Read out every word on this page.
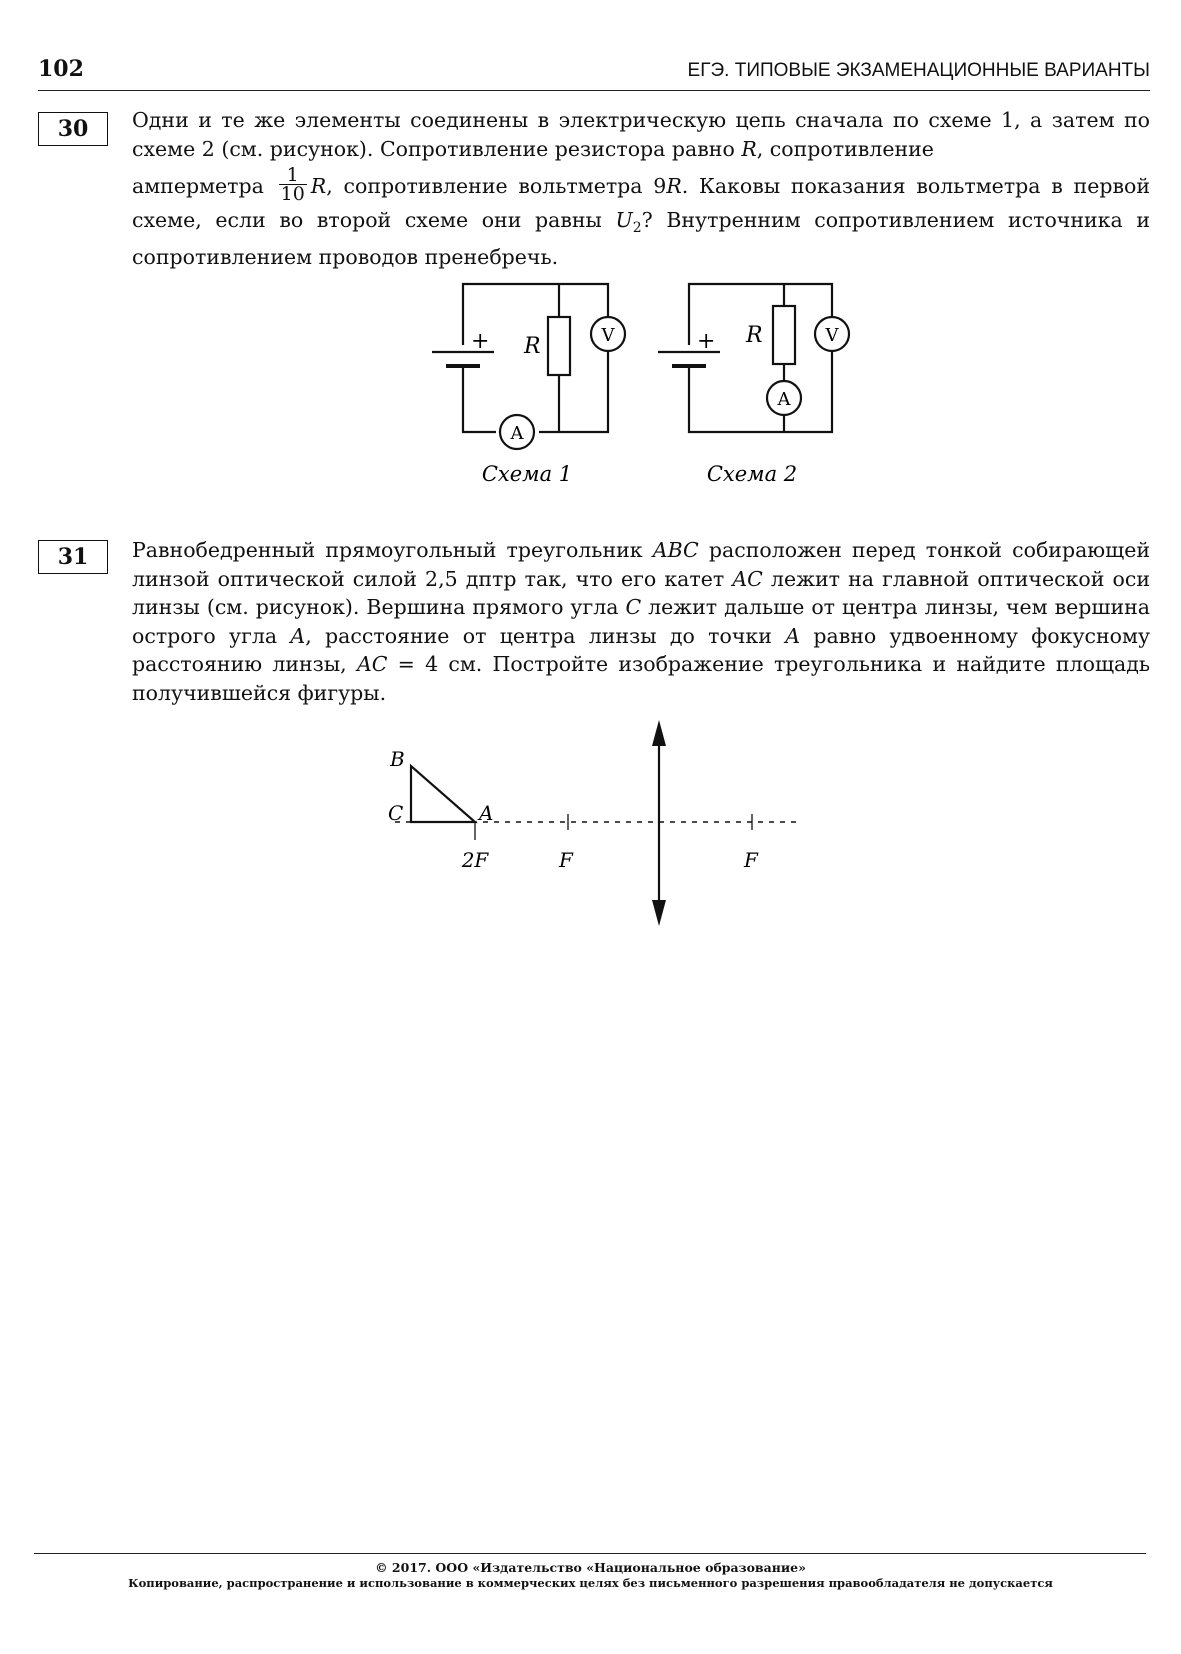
102	ЕГЭ. ТИПОВЫЕ ЭКЗАМЕНАЦИОННЫЕ ВАРИАНТЫ
30	Одни и те же элементы соединены в электрическую цепь сначала по схеме 1, а затем по схеме 2 (см. рисунок). Сопротивление резистора равно R, сопротивление
амперметра $\frac{1}{10} R$, сопротивление вольтметра 9R. Каковы показания вольтметра в первой схеме, если во второй схеме они равны $U_2$? Внутренним сопротивлением источника и сопротивлением проводов пренебречь.
+ R
A
V	+ R
A
V
Схема 1	Схема 2
31	Равнобедренный прямоугольный треугольник ABC расположен перед тонкой собирающей линзой оптической силой 2,5 дптр так, что его катет AC лежит на главной оптической оси линзы (см. рисунок). Вершина прямого угла C лежит дальше от центра линзы, чем вершина острого угла A, расстояние от центра линзы до точки A равно удвоенному фокусному расстоянию линзы, AC = 4 см. Постройте изображение треугольника и найдите площадь получившейся фигуры.
B
C	A
2F	F	F
© 2017. ООО «Издательство «Национальное образование»
Копирование, распространение и использование в коммерческих целях без письменного разрешения правообладателя не допускается
